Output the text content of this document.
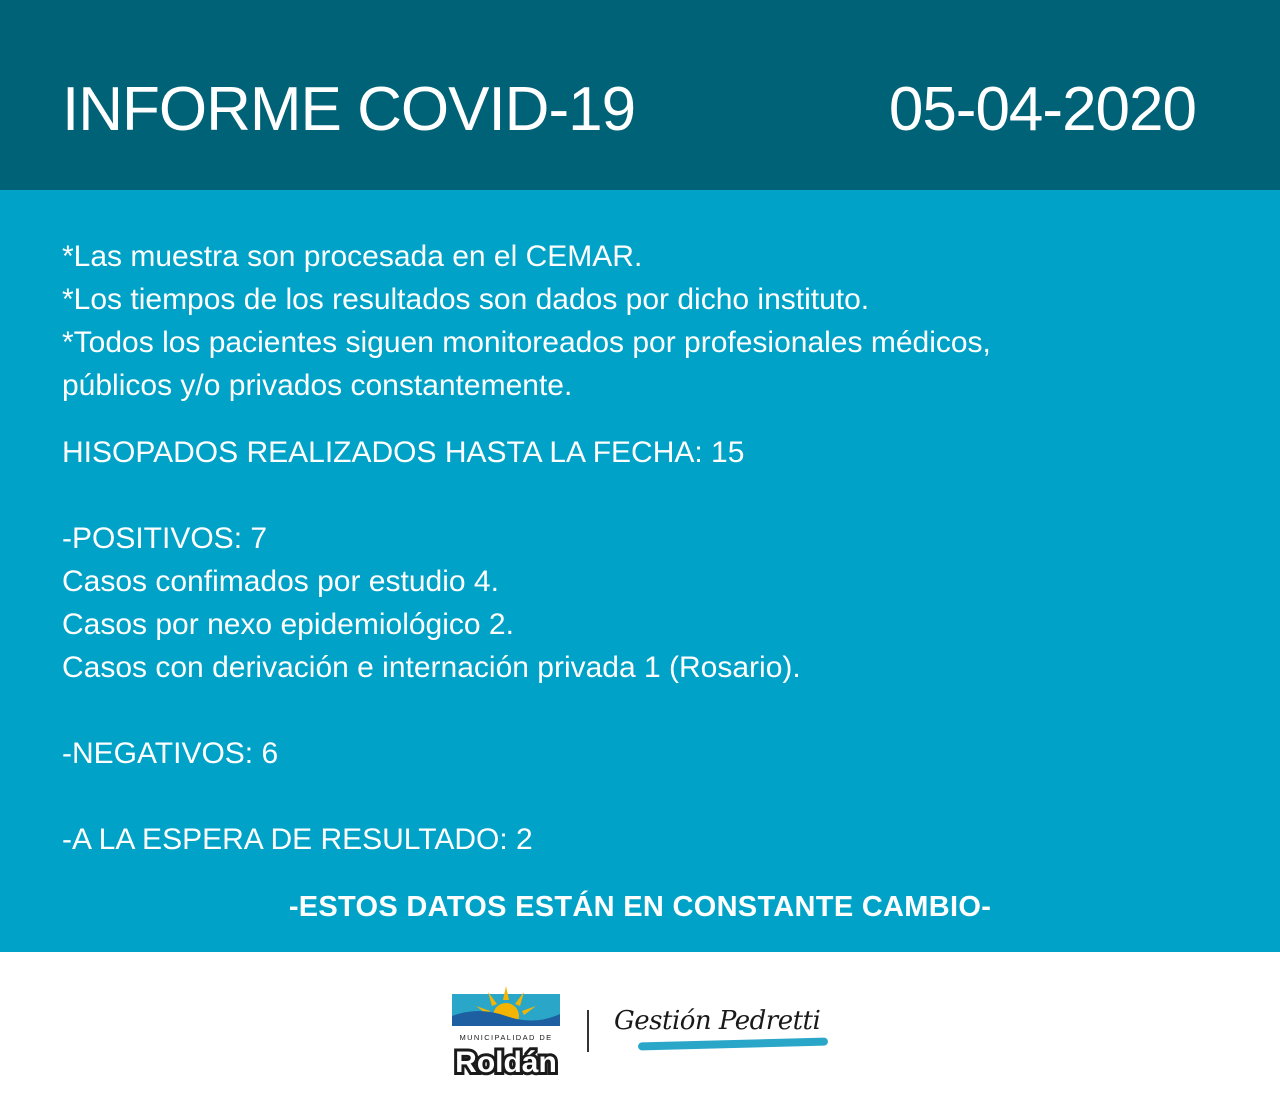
INFORME COVID-19	05-04-2020

*Las muestra son procesada en el CEMAR.

*Los tiempos de los resultados son dados por dicho instituto.

*Todos los pacientes siguen monitoreados por profesionales médicos,

públicos y/o privados constantemente.

HISOPADOS REALIZADOS HASTA LA FECHA: 15

-POSITIVOS: 7

Casos confimados por estudio 4.

Casos por nexo epidemiológico 2.

Casos con derivación e internación privada 1 (Rosario).

-NEGATIVOS: 6

-A LA ESPERA DE RESULTADO: 2

-ESTOS DATOS ESTÁN EN CONSTANTE CAMBIO-
MUNICIPALIDAD DE
Roldán
Gestión Pedretti
